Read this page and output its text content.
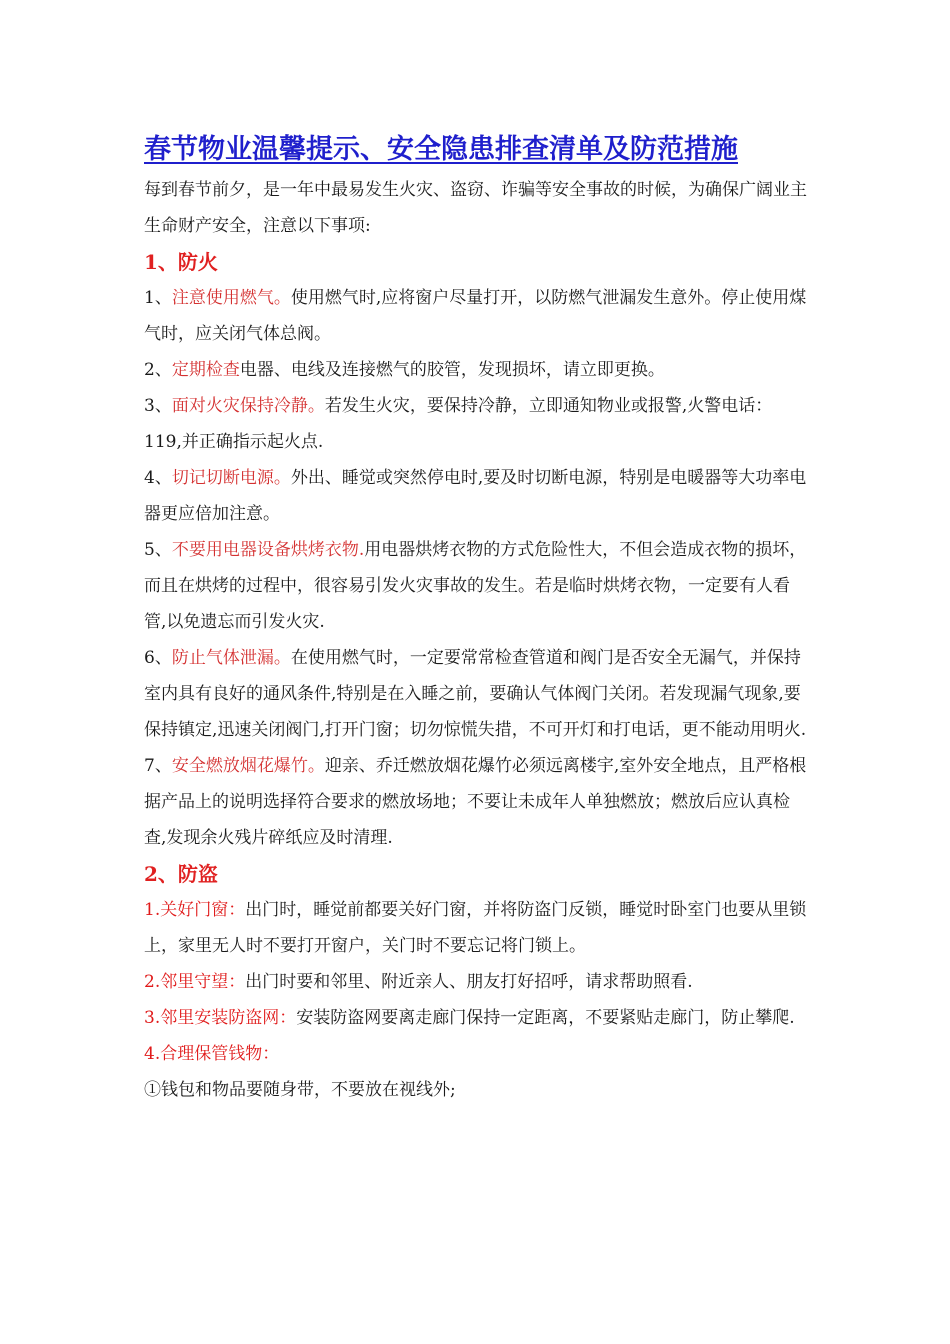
春节物业温馨提示、安全隐患排查清单及防范措施

每到春节前夕，是一年中最易发生火灾、盗窃、诈骗等安全事故的时候，为确保广阔业主生命财产安全，注意以下事项:

1、防火

1、注意使用燃气。使用燃气时,应将窗户尽量打开，以防燃气泄漏发生意外。停止使用煤气时，应关闭气体总阀。

2、定期检查电器、电线及连接燃气的胶管，发现损坏，请立即更换。

3、面对火灾保持冷静。若发生火灾，要保持冷静，立即通知物业或报警,火警电话：119,并正确指示起火点.

4、切记切断电源。外出、睡觉或突然停电时,要及时切断电源，特别是电暖器等大功率电器更应倍加注意。

5、不要用电器设备烘烤衣物.用电器烘烤衣物的方式危险性大，不但会造成衣物的损坏，而且在烘烤的过程中，很容易引发火灾事故的发生。若是临时烘烤衣物，一定要有人看管,以免遗忘而引发火灾.

6、防止气体泄漏。在使用燃气时，一定要常常检查管道和阀门是否安全无漏气，并保持室内具有良好的通风条件,特别是在入睡之前，要确认气体阀门关闭。若发现漏气现象,要保持镇定,迅速关闭阀门,打开门窗；切勿惊慌失措，不可开灯和打电话，更不能动用明火.

7、安全燃放烟花爆竹。迎亲、乔迁燃放烟花爆竹必须远离楼宇,室外安全地点，且严格根据产品上的说明选择符合要求的燃放场地；不要让未成年人单独燃放；燃放后应认真检查,发现余火残片碎纸应及时清理.

2、防盗

1.关好门窗：出门时，睡觉前都要关好门窗，并将防盗门反锁，睡觉时卧室门也要从里锁上，家里无人时不要打开窗户，关门时不要忘记将门锁上。

2.邻里守望：出门时要和邻里、附近亲人、朋友打好招呼，请求帮助照看.

3.邻里安装防盗网：安装防盗网要离走廊门保持一定距离，不要紧贴走廊门，防止攀爬.

4.合理保管钱物：

①钱包和物品要随身带，不要放在视线外;
